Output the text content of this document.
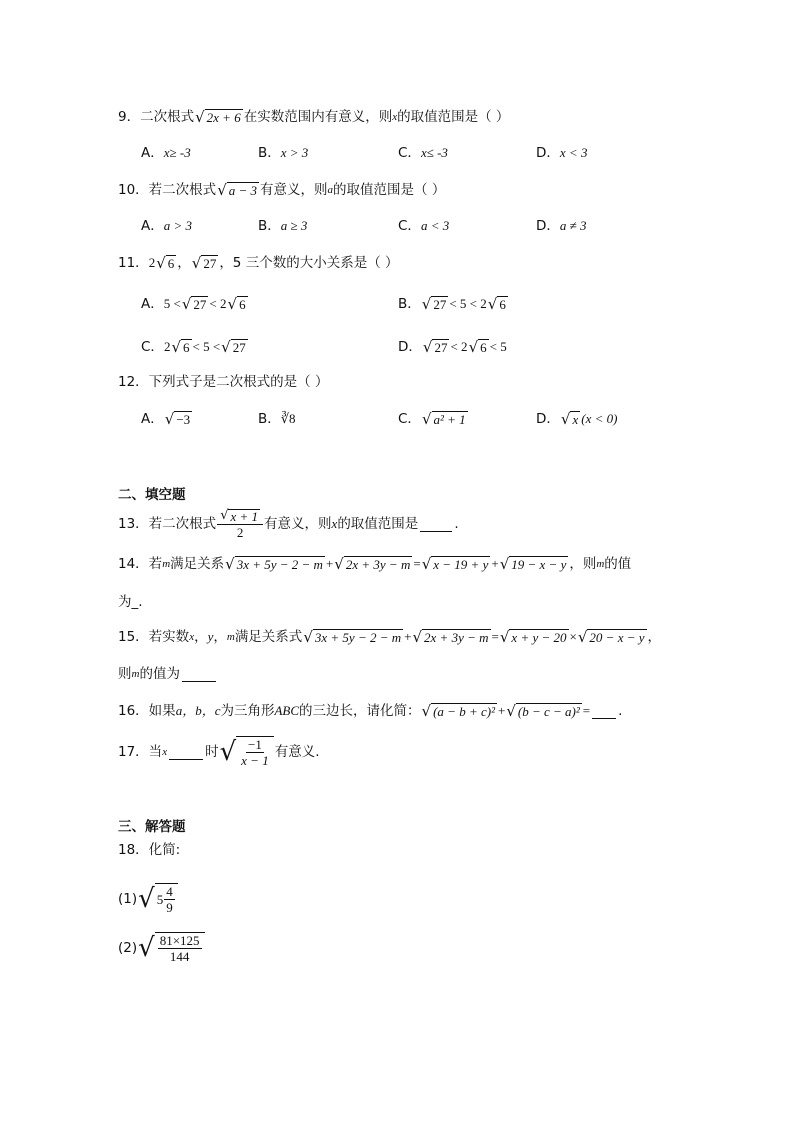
9．二次根式 √ 2x + 6 在实数范围内有意义，则 x 的取值范围是（ ）
A． x≥ -3	B． x > 3	C． x≤ -3	D． x < 3
10．若二次根式 √ a − 3 有意义，则 a 的取值范围是（ ）
A． a > 3	B． a ≥ 3	C． a < 3	D． a ≠ 3
11． 2 √ 6 ， √ 27 ，5 三个数的大小关系是（ ）
A． 5 < √ 27 < 2 √ 6	B． √ 27 < 5 < 2 √ 6
C． 2 √ 6 < 5 < √ 27	D． √ 27 < 2 √ 6 < 5
12．下列式子是二次根式的是（ ）
A． √ −3	B． ∛8	C． √ a² + 1	D． √ x (x < 0)
二、填空题
13．若二次根式 $\frac{√ x + 1}{2}$ 有意义，则 x 的取值范围是	.
14．若 m 满足关系 √ 3x + 5y − 2 − m + √ 2x + 3y − m = √ x − 19 + y + √ 19 − x − y ，则 m 的值
为_.
15．若实数 x ， y ， m 满足关系式 √ 3x + 5y − 2 − m + √ 2x + 3y − m = √ x + y − 20 × √ 20 − x − y ，
则 m 的值为
16．如果 a，b，c 为三角形 ABC 的三边长，请化简： √ (a − b + c)² + √ (b − c − a)² = .
17．当 x	时 √ $\frac{-1}{x - 1}$ 有意义.
三、解答题
18．化简:
(1) √ $5 \frac{4}{9}$
(2) √ $\frac{81\times 125}{144}$
